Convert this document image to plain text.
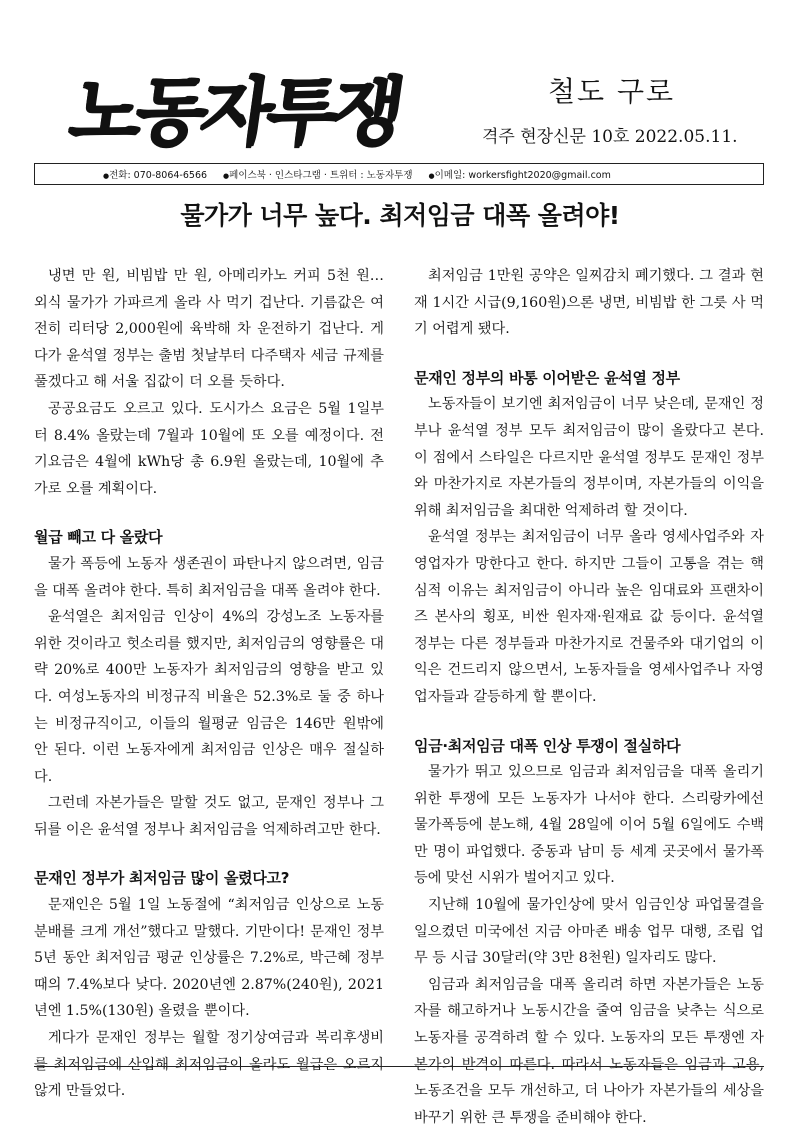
노동자투쟁	철도 구로
격주 현장신문 10호 2022.05.11.
● 전화: 070-8064-6566	● 페이스북 · 인스타그램 · 트위터 : 노동자투쟁	● 이메일: workersfight2020@gmail.com
물가가 너무 높다. 최저임금 대폭 올려야!

냉면 만 원, 비빔밥 만 원, 아메리카노 커피 5천 원… 외식 물가가 가파르게 올라 사 먹기 겁난다. 기름값은 여전히 리터당 2,000원에 육박해 차 운전하기 겁난다. 게다가 윤석열 정부는 출범 첫날부터 다주택자 세금 규제를 풀겠다고 해 서울 집값이 더 오를 듯하다.

공공요금도 오르고 있다. 도시가스 요금은 5월 1일부터 8.4% 올랐는데 7월과 10월에 또 오를 예정이다. 전기요금은 4월에 kWh당 총 6.9원 올랐는데, 10월에 추가로 오를 계획이다.

월급 빼고 다 올랐다

물가 폭등에 노동자 생존권이 파탄나지 않으려면, 임금을 대폭 올려야 한다. 특히 최저임금을 대폭 올려야 한다.

윤석열은 최저임금 인상이 4%의 강성노조 노동자를 위한 것이라고 헛소리를 했지만, 최저임금의 영향률은 대략 20%로 400만 노동자가 최저임금의 영향을 받고 있다. 여성노동자의 비정규직 비율은 52.3%로 둘 중 하나는 비정규직이고, 이들의 월평균 임금은 146만 원밖에 안 된다. 이런 노동자에게 최저임금 인상은 매우 절실하다.

그런데 자본가들은 말할 것도 없고, 문재인 정부나 그 뒤를 이은 윤석열 정부나 최저임금을 억제하려고만 한다.

문재인 정부가 최저임금 많이 올렸다고?

문재인은 5월 1일 노동절에 “최저임금 인상으로 노동분배를 크게 개선”했다고 말했다. 기만이다! 문재인 정부 5년 동안 최저임금 평균 인상률은 7.2%로, 박근혜 정부 때의 7.4%보다 낮다. 2020년엔 2.87%(240원), 2021년엔 1.5%(130원) 올렸을 뿐이다.

게다가 문재인 정부는 월할 정기상여금과 복리후생비를 최저임금에 산입해 최저임금이 올라도 월급은 오르지 않게 만들었다.

최저임금 1만원 공약은 일찌감치 폐기했다. 그 결과 현재 1시간 시급(9,160원)으론 냉면, 비빔밥 한 그릇 사 먹기 어렵게 됐다.

문재인 정부의 바통 이어받은 윤석열 정부

노동자들이 보기엔 최저임금이 너무 낮은데, 문재인 정부나 윤석열 정부 모두 최저임금이 많이 올랐다고 본다. 이 점에서 스타일은 다르지만 윤석열 정부도 문재인 정부와 마찬가지로 자본가들의 정부이며, 자본가들의 이익을 위해 최저임금을 최대한 억제하려 할 것이다.

윤석열 정부는 최저임금이 너무 올라 영세사업주와 자영업자가 망한다고 한다. 하지만 그들이 고통을 겪는 핵심적 이유는 최저임금이 아니라 높은 임대료와 프랜차이즈 본사의 횡포, 비싼 원자재·원재료 값 등이다. 윤석열 정부는 다른 정부들과 마찬가지로 건물주와 대기업의 이익은 건드리지 않으면서, 노동자들을 영세사업주나 자영업자들과 갈등하게 할 뿐이다.

임금·최저임금 대폭 인상 투쟁이 절실하다

물가가 뛰고 있으므로 임금과 최저임금을 대폭 올리기 위한 투쟁에 모든 노동자가 나서야 한다. 스리랑카에선 물가폭등에 분노해, 4월 28일에 이어 5월 6일에도 수백만 명이 파업했다. 중동과 남미 등 세계 곳곳에서 물가폭등에 맞선 시위가 벌어지고 있다.

지난해 10월에 물가인상에 맞서 임금인상 파업물결을 일으켰던 미국에선 지금 아마존 배송 업무 대행, 조립 업무 등 시급 30달러(약 3만 8천원) 일자리도 많다.

임금과 최저임금을 대폭 올리려 하면 자본가들은 노동자를 해고하거나 노동시간을 줄여 임금을 낮추는 식으로 노동자를 공격하려 할 수 있다. 노동자의 모든 투쟁엔 자본가의 반격이 따른다. 따라서 노동자들은 임금과 고용, 노동조건을 모두 개선하고, 더 나아가 자본가들의 세상을 바꾸기 위한 큰 투쟁을 준비해야 한다.
